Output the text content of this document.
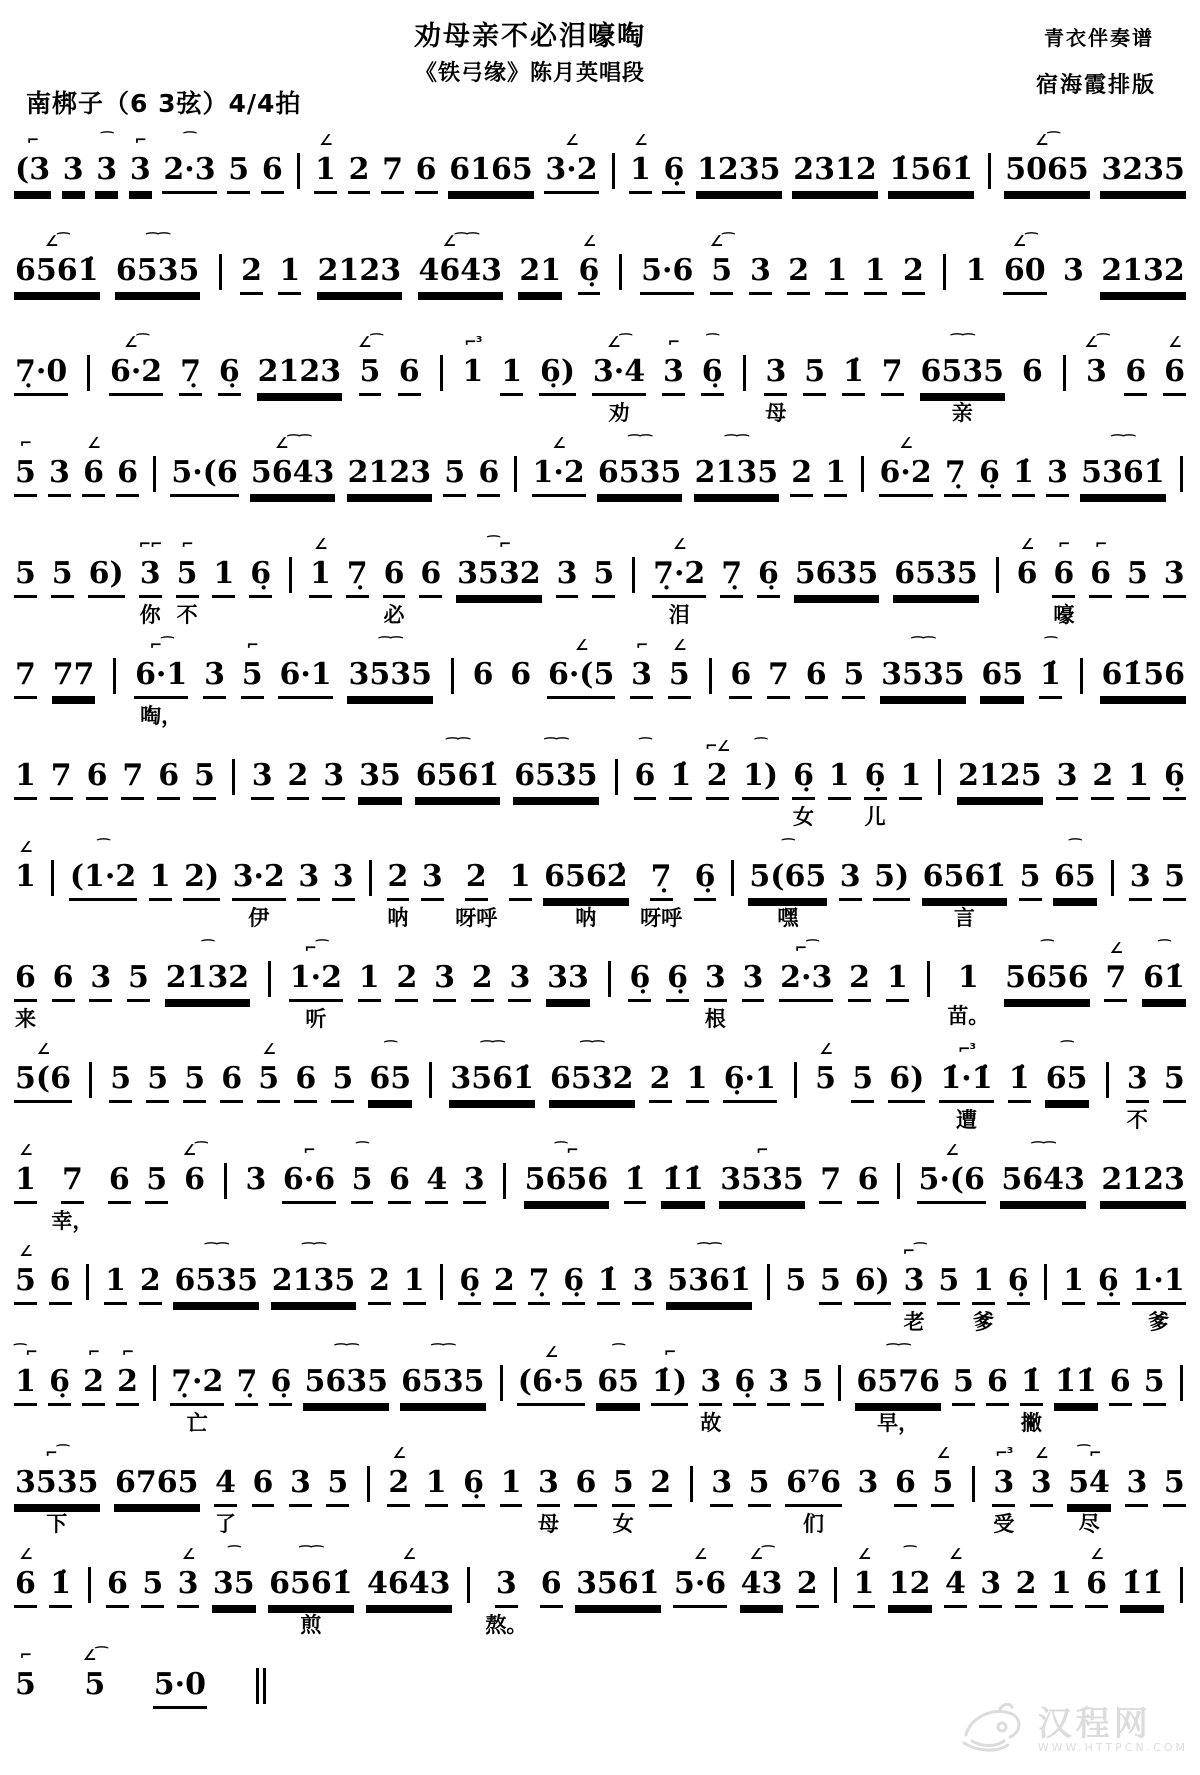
劝母亲不必泪嚎啕
《铁弓缘》陈月英唱段
青衣伴奏谱
宿海霞排版
南梆子（6 3弦）4/4拍
⌐
(3 3
⁀
3
⌐
3
⁀
2·3 5 6
∠
1 2 7 6 6165
∠
3·2
∠
1 6̣ 1235 2312 1̇561̇
∠⁀
5065 3235
∠⁀
6561̇
⁀⁀
6535 2 1 2123
∠⁀⁀
4643 21
∠
6̣ 5·6
∠⁀
5 3 2 1 1 2 1
∠⁀
60 3 2132
7̣·0
∠⁀
6·2 7̣ 6̣ 2123
∠⁀
5 6
⌐³
1 1 6̣)
∠⁀
3·4
劝
⌐
3
⁀
6̣ 3
母
5 1̇ 7
⁀⁀
6535
亲
6
∠⁀
3 6
∠
6
⌐
5 3
∠
6 6 5·(6
∠⁀⁀
5643 2123 5 6
∠
1·2
⁀⁀
6535
⁀⁀
2135 2 1
∠
6·2 7̣ 6̣ 1̇ 3
⁀⁀
5361̇
5 5 6)
⌐⌐
3
你
⌐
5
不
1 6̣
∠
1 7̣ 6
必
6
⁀⌐
3532 3 5
∠
7̣·2
泪
7̣ 6̣ 5635 6535
∠
6
⌐
6
嚎
⌐
6 5 3
7 77
⌐⁀
6·1
啕，
3
⌐
5 6·1
⁀⁀
3535 6 6
∠
6·(5
⌐
3
∠
5 6 7 6 5
⁀⁀
3535 65
⁀
1̇ 61̇56
1 7 6 7 6 5 3 2 3 35
⁀⁀
6561̇
⁀⁀
6535
⁀
6 1̇
⌐∠
2
⁀
1) 6̣
女
1 6̣
儿
1 2125 3 2 1 6̣
∠
1
⁀
(1·2 1 2) 3·2
伊
3 3 2
呐
3 2
呀呼
1 6562̇
呐
7̣
呀呼
6̣
⁀
5(65
嘿
3 5) 6561̇
言
5
⁀
65 3 5
6
来
6 3 5
⁀
2132
⌐⁀
1·2
听
1 2 3 2 3 33 6̣ 6̣ 3
根
3
⌐⁀
2·3 2 1 1
苗。
⁀
5656
∠
7
⁀
61̇
∠
5(6 5 5 5 6
∠
5 6 5
⁀
65
⁀⁀
3561̇
⁀⁀
6532 2 1 6̣·1
∠
5 5 6)
⌐³
1̇·1̇
遭
1̇
⁀
65 3
不
5
∠
1 7
幸，
6 5
∠⁀
6 3
⌐
6·6
⁀
5 6 4 3
⁀⌐
5656 1̇ 1̇1̇
⌐
3535 7 6
∠
5·(6
⁀⁀
5643 2123
∠
5 6 1 2
⁀⁀
6535
⁀⁀
2135 2 1 6̣ 2 7̣ 6̣ 1̇ 3
⁀⁀
5361̇ 5 5 6)
⌐⁀
3
老
5 1
爹
6̣ 1 6̣ 1·1
爹
⁀⌐
1 6̣
⌐
2
⌐
2 7̣·2
亡
7̣ 6̣
⁀⁀
5635
⁀⁀
6535
∠
(6·5
⁀
65
⌐
1̇) 3
故
6̣ 3 5
⁀⁀
6576
早，
5 6 1̇
撇
1̇1̇ 6 5
⌐⁀
3535
下
6765 4
了
6 3 5
∠
2 1 6̣ 1 3
母
6 5
女
2 3 5 6⁷6
们
3 6
∠
5
⌐³
3
受
∠
3
⁀⌐
54
尽
3 5
∠
6 1̇ 6 5
∠
3
⁀
35
⁀⁀
6561̇
煎
∠
4643 3
熬。
6 3561̇
∠
5·6
∠⁀
43 2
∠
1
⁀
12
∠
4 3 2 1
∠
6 1̇1̇
⌐
5
∠⁀
5 5·0
汉程网
WWW.HTTPCN.COM
